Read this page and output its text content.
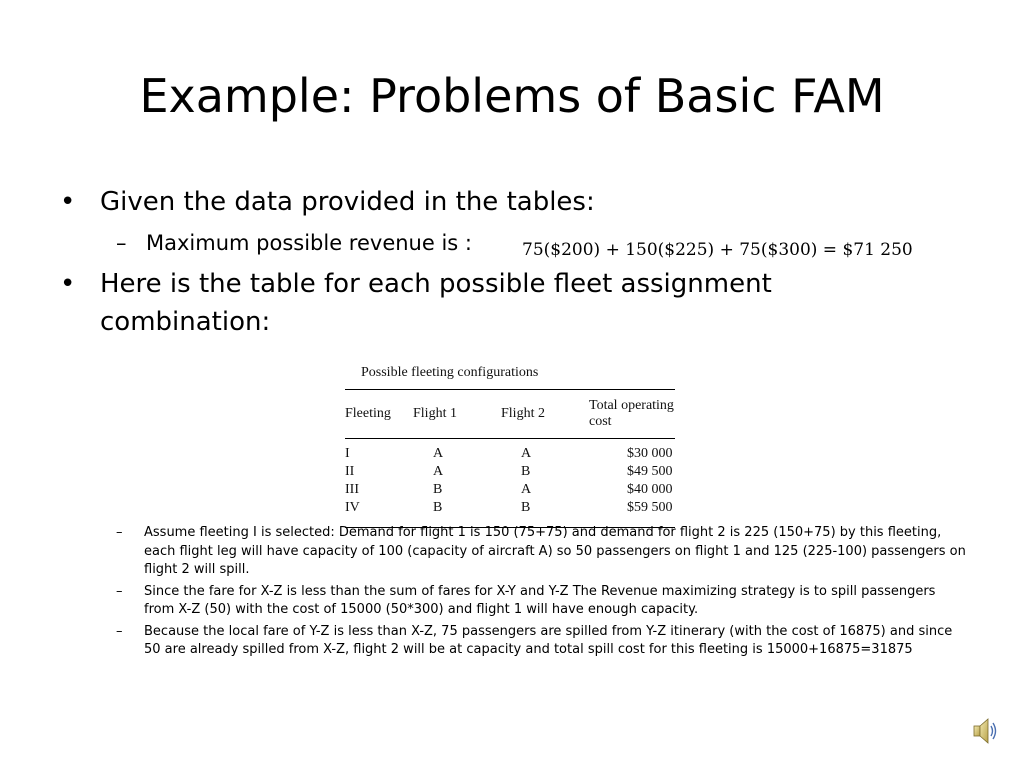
Example: Problems of Basic FAM
• Given the data provided in the tables:
– Maximum possible revenue is :	75($200) + 150($225) + 75($300) = $71 250
• Here is the table for each possible fleet assignment combination:
Possible fleeting configurations
Fleeting	Flight 1	Flight 2	Total operating cost
I	A	A	$30 000
II	A	B	$49 500
III	B	A	$40 000
IV	B	B	$59 500
– Assume fleeting I is selected: Demand for flight 1 is 150 (75+75) and demand for flight 2 is 225 (150+75) by this fleeting, each flight leg will have capacity of 100 (capacity of aircraft A) so 50 passengers on flight 1 and 125 (225-100) passengers on flight 2 will spill.
– Since the fare for X-Z is less than the sum of fares for X-Y and Y-Z The Revenue maximizing strategy is to spill passengers from X-Z (50) with the cost of 15000 (50*300) and flight 1 will have enough capacity.
– Because the local fare of Y-Z is less than X-Z, 75 passengers are spilled from Y-Z itinerary (with the cost of 16875) and since 50 are already spilled from X-Z, flight 2 will be at capacity and total spill cost for this fleeting is 15000+16875=31875
